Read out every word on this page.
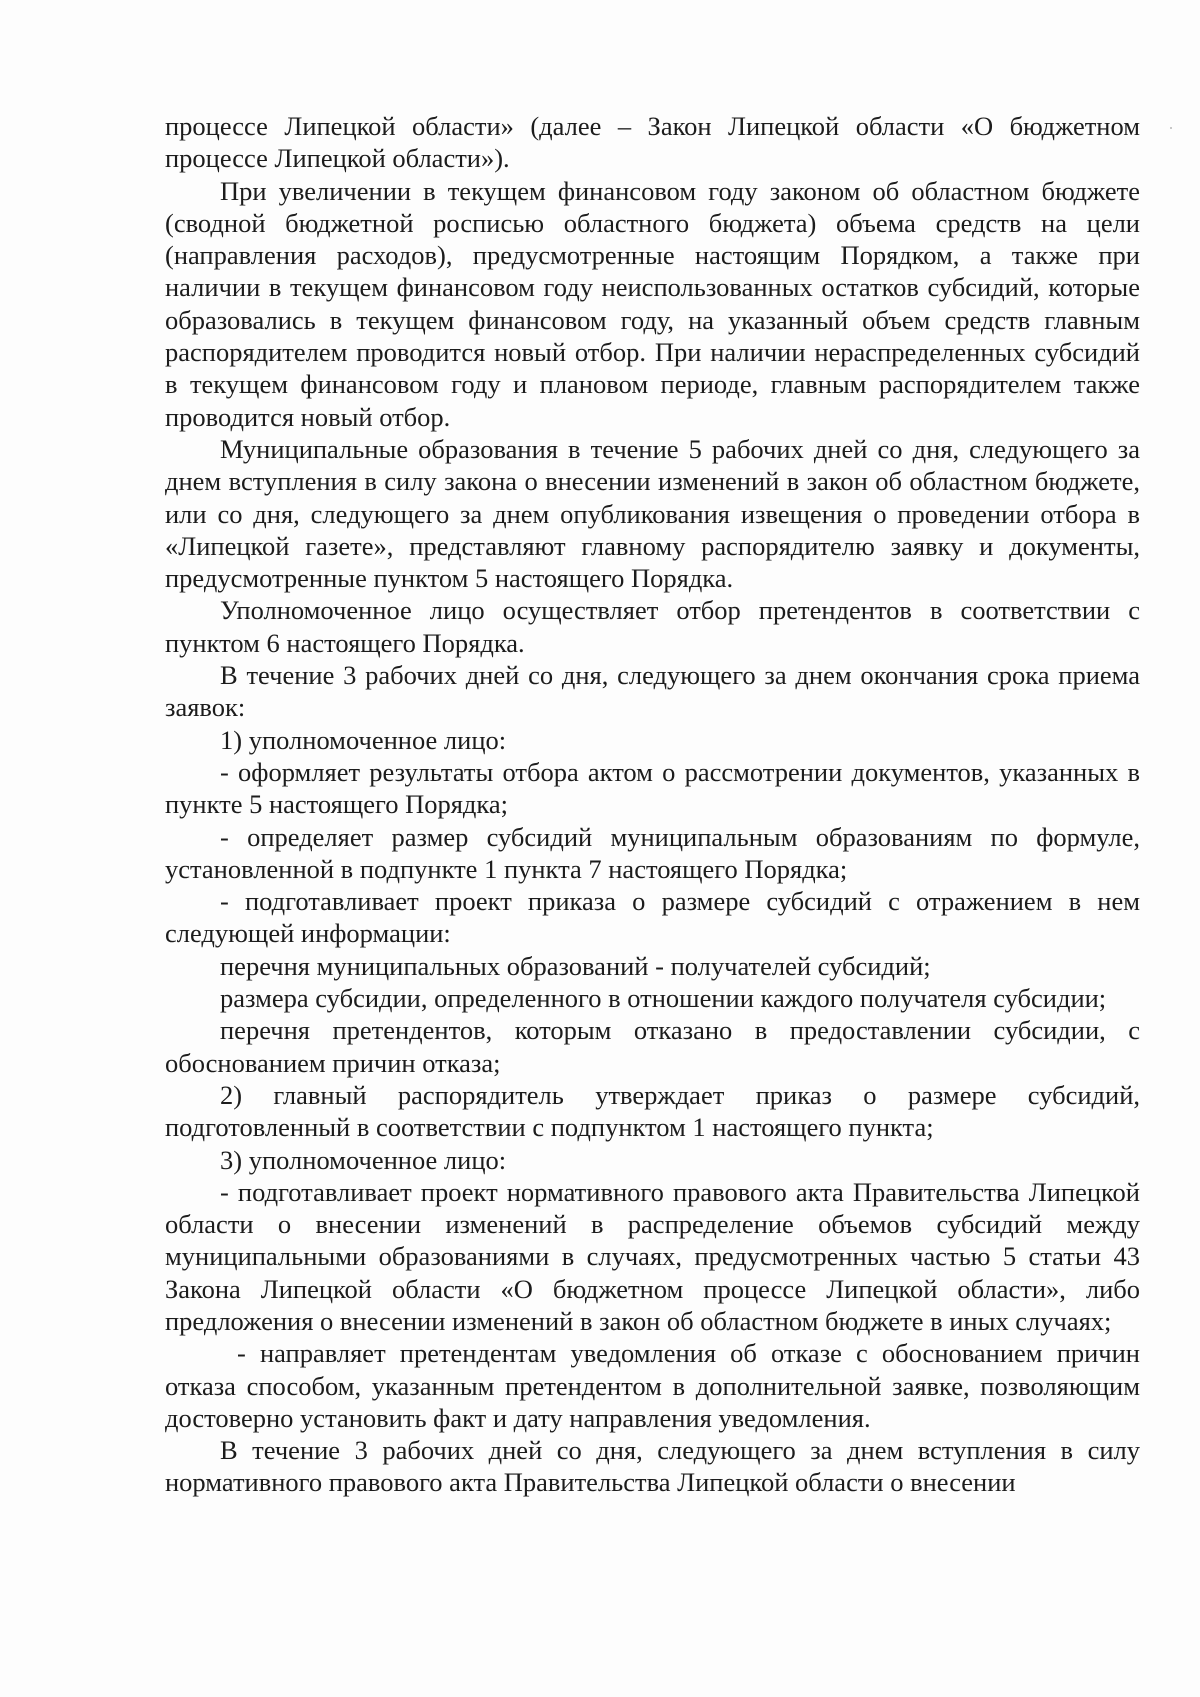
процессе Липецкой области» (далее – Закон Липецкой области «О бюджетном процессе Липецкой области»).

При увеличении в текущем финансовом году законом об областном бюджете (сводной бюджетной росписью областного бюджета) объема средств на цели (направления расходов), предусмотренные настоящим Порядком, а также при наличии в текущем финансовом году неиспользованных остатков субсидий, которые образовались в текущем финансовом году, на указанный объем средств главным распорядителем проводится новый отбор. При наличии нераспределенных субсидий в текущем финансовом году и плановом периоде, главным распорядителем также проводится новый отбор.

Муниципальные образования в течение 5 рабочих дней со дня, следующего за днем вступления в силу закона о внесении изменений в закон об областном бюджете, или со дня, следующего за днем опубликования извещения о проведении отбора в «Липецкой газете», представляют главному распорядителю заявку и документы, предусмотренные пунктом 5 настоящего Порядка.

Уполномоченное лицо осуществляет отбор претендентов в соответствии с пунктом 6 настоящего Порядка.

В течение 3 рабочих дней со дня, следующего за днем окончания срока приема заявок:

1) уполномоченное лицо:

- оформляет результаты отбора актом о рассмотрении документов, указанных в пункте 5 настоящего Порядка;

- определяет размер субсидий муниципальным образованиям по формуле, установленной в подпункте 1 пункта 7 настоящего Порядка;

- подготавливает проект приказа о размере субсидий с отражением в нем следующей информации:

перечня муниципальных образований - получателей субсидий;

размера субсидии, определенного в отношении каждого получателя субсидии;

перечня претендентов, которым отказано в предоставлении субсидии, с обоснованием причин отказа;

2) главный распорядитель утверждает приказ о размере субсидий, подготовленный в соответствии с подпунктом 1 настоящего пункта;

3) уполномоченное лицо:

- подготавливает проект нормативного правового акта Правительства Липецкой области о внесении изменений в распределение объемов субсидий между муниципальными образованиями в случаях, предусмотренных частью 5 статьи 43 Закона Липецкой области «О бюджетном процессе Липецкой области», либо предложения о внесении изменений в закон об областном бюджете в иных случаях;

- направляет претендентам уведомления об отказе с обоснованием причин отказа способом, указанным претендентом в дополнительной заявке, позволяющим достоверно установить факт и дату направления уведомления.

В течение 3 рабочих дней со дня, следующего за днем вступления в силу нормативного правового акта Правительства Липецкой области о внесении
